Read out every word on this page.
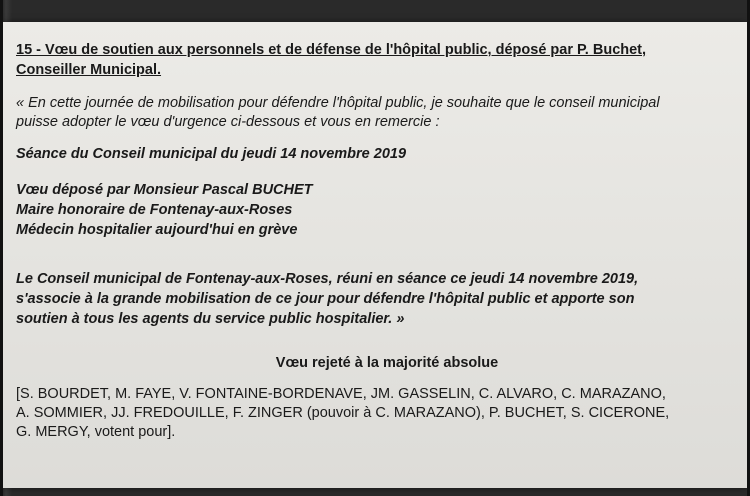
15 - Vœu de soutien aux personnels et de défense de l'hôpital public, déposé par P. Buchet,
Conseiller Municipal.
« En cette journée de mobilisation pour défendre l'hôpital public, je souhaite que le conseil municipal
puisse adopter le vœu d'urgence ci-dessous et vous en remercie :
Séance du Conseil municipal du jeudi 14 novembre 2019
Vœu déposé par Monsieur Pascal BUCHET
Maire honoraire de Fontenay-aux-Roses
Médecin hospitalier aujourd'hui en grève
Le Conseil municipal de Fontenay-aux-Roses, réuni en séance ce jeudi 14 novembre 2019,
s'associe à la grande mobilisation de ce jour pour défendre l'hôpital public et apporte son
soutien à tous les agents du service public hospitalier. »
Vœu rejeté à la majorité absolue
[S. BOURDET, M. FAYE, V. FONTAINE-BORDENAVE, JM. GASSELIN, C. ALVARO, C. MARAZANO,
A. SOMMIER, JJ. FREDOUILLE, F. ZINGER (pouvoir à C. MARAZANO), P. BUCHET, S. CICERONE,
G. MERGY, votent pour].
